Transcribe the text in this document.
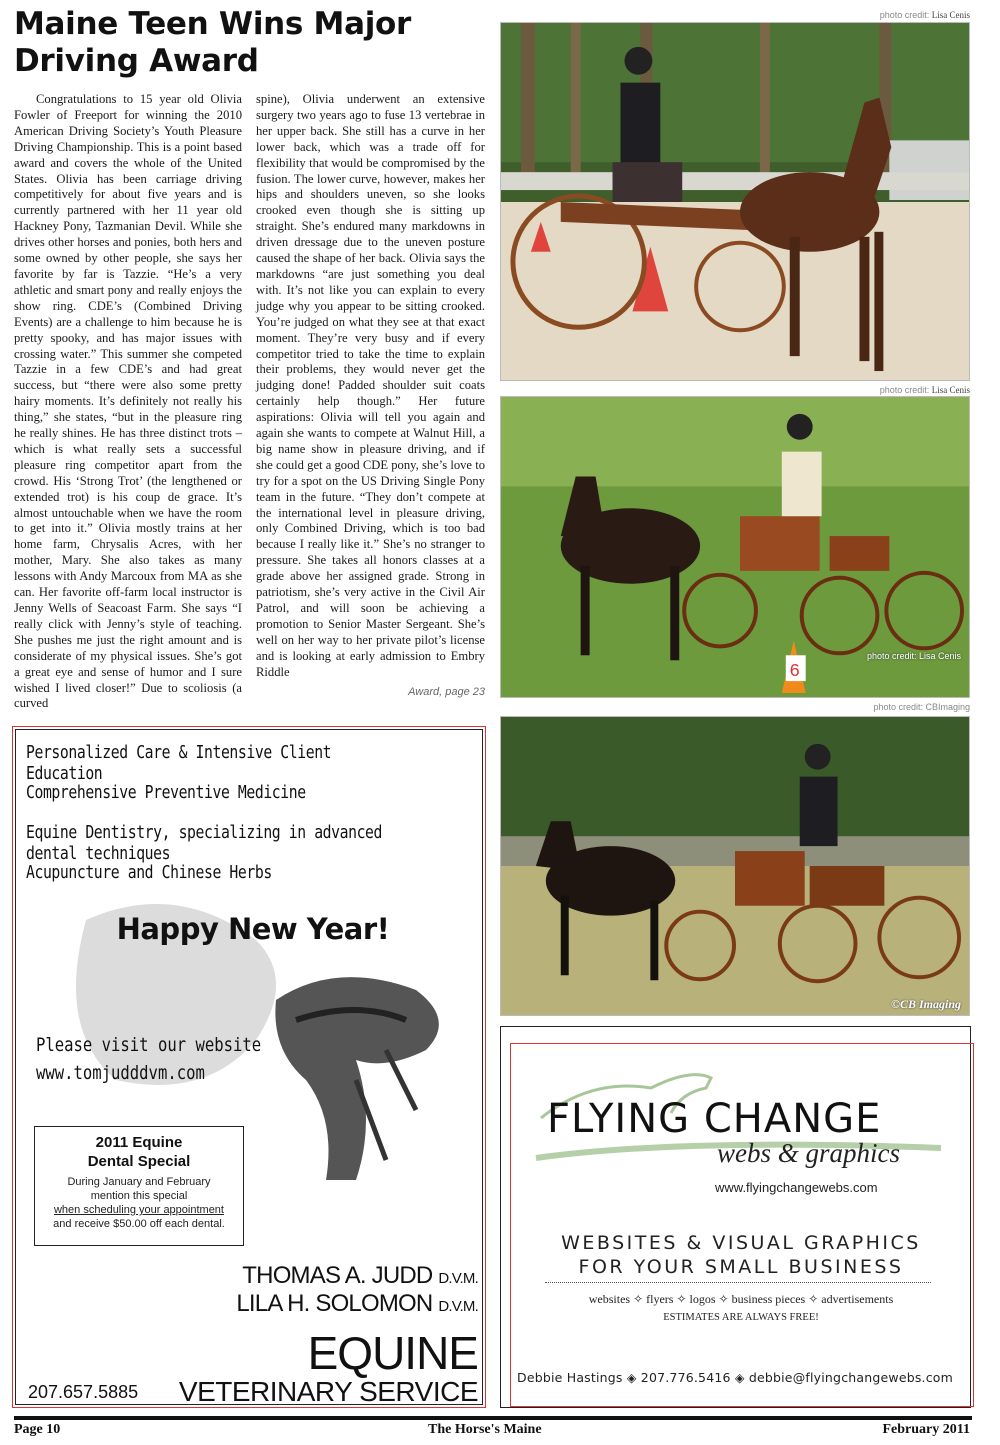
Maine Teen Wins Major
Driving Award

Congratulations to 15 year old Olivia Fowler of Freeport for winning the 2010 American Driving Society’s Youth Pleasure Driving Championship. This is a point based award and covers the whole of the United States. Olivia has been carriage driving competitively for about five years and is currently partnered with her 11 year old Hackney Pony, Tazmanian Devil. While she drives other horses and ponies, both hers and some owned by other people, she says her favorite by far is Tazzie. “He’s a very athletic and smart pony and really enjoys the show ring. CDE’s (Combined Driving Events) are a challenge to him because he is pretty spooky, and has major issues with crossing water.” This summer she competed Tazzie in a few CDE’s and had great success, but “there were also some pretty hairy moments. It’s definitely not really his thing,” she states, “but in the pleasure ring he really shines. He has three distinct trots – which is what really sets a successful pleasure ring competitor apart from the crowd. His ‘Strong Trot’ (the lengthened or extended trot) is his coup de grace. It’s almost untouchable when we have the room to get into it.” Olivia mostly trains at her home farm, Chrysalis Acres, with her mother, Mary. She also takes as many lessons with Andy Marcoux from MA as she can. Her favorite off-farm local instructor is Jenny Wells of Seacoast Farm. She says “I really click with Jenny’s style of teaching. She pushes me just the right amount and is considerate of my physical issues. She’s got a great eye and sense of humor and I sure wished I lived closer!” Due to scoliosis (a curved

spine), Olivia underwent an extensive surgery two years ago to fuse 13 vertebrae in her upper back. She still has a curve in her lower back, which was a trade off for flexibility that would be compromised by the fusion. The lower curve, however, makes her hips and shoulders uneven, so she looks crooked even though she is sitting up straight. She’s endured many markdowns in driven dressage due to the uneven posture caused the shape of her back. Olivia says the markdowns “are just something you deal with. It’s not like you can explain to every judge why you appear to be sitting crooked. You’re judged on what they see at that exact moment. They’re very busy and if every competitor tried to take the time to explain their problems, they would never get the judging done! Padded shoulder suit coats certainly help though.” Her future aspirations: Olivia will tell you again and again she wants to compete at Walnut Hill, a big name show in pleasure driving, and if she could get a good CDE pony, she’s love to try for a spot on the US Driving Single Pony team in the future. “They don’t compete at the international level in pleasure driving, only Combined Driving, which is too bad because I really like it.” She’s no stranger to pressure. She takes all honors classes at a grade above her assigned grade. Strong in patriotism, she’s very active in the Civil Air Patrol, and will soon be achieving a promotion to Senior Master Sergeant. She’s well on her way to her private pilot’s license and is looking at early admission to Embry Riddle

Award, page 23
photo credit: Lisa Cenis
photo credit: Lisa Cenis
6
photo credit: Lisa Cenis
photo credit: CBImaging
©CB Imaging
Personalized Care & Intensive Client Education
Comprehensive Preventive Medicine
Equine Dentistry, specializing in advanced dental techniques
Acupuncture and Chinese Herbs
Happy New Year!
Please visit our website
www.tomjudddvm.com
2011 Equine
Dental Special
During January and February
mention this special
when scheduling your appointment
and receive $50.00 off each dental.
THOMAS A. JUDD D.V.M.
LILA H. SOLOMON D.V.M.
EQUINE
VETERINARY SERVICE
207.657.5885
FLYING CHANGE
webs & graphics
www.flyingchangewebs.com
WEBSITES & VISUAL GRAPHICS
FOR YOUR SMALL BUSINESS
websites ✧ flyers ✧ logos ✧ business pieces ✧ advertisements
ESTIMATES ARE ALWAYS FREE!
Debbie Hastings ◈ 207.776.5416 ◈ debbie@flyingchangewebs.com
Page 10	The Horse's Maine	February 2011
